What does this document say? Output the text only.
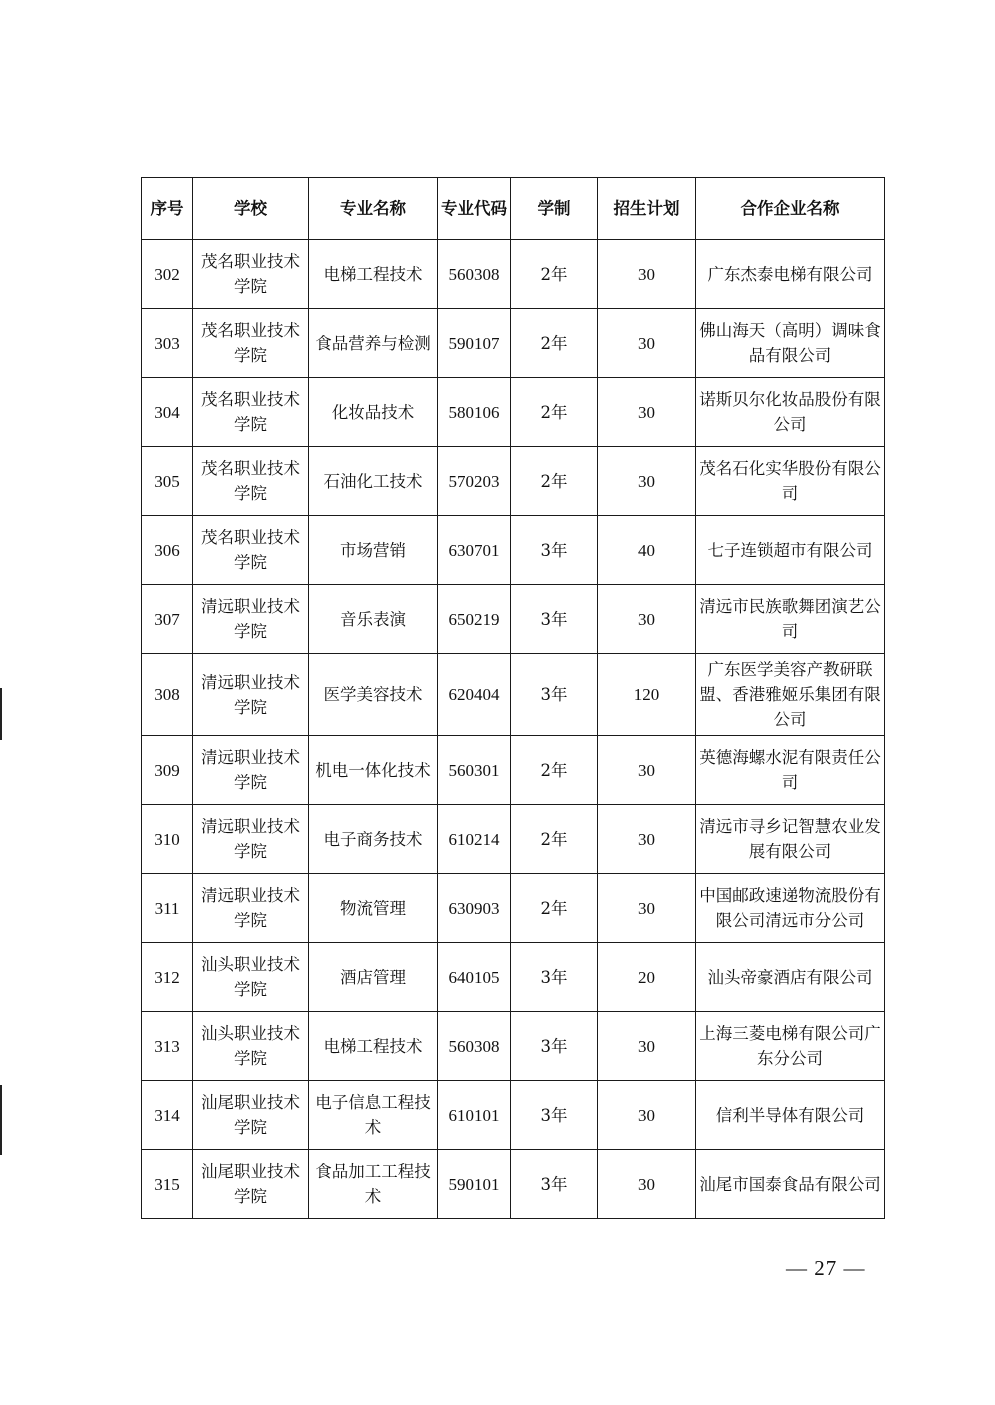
序号	学校	专业名称	专业代码	学制	招生计划	合作企业名称
302	茂名职业技术学院	电梯工程技术	560308	2年	30	广东杰泰电梯有限公司
303	茂名职业技术学院	食品营养与检测	590107	2年	30	佛山海天（高明）调味食品有限公司
304	茂名职业技术学院	化妆品技术	580106	2年	30	诺斯贝尔化妆品股份有限公司
305	茂名职业技术学院	石油化工技术	570203	2年	30	茂名石化实华股份有限公司
306	茂名职业技术学院	市场营销	630701	3年	40	七子连锁超市有限公司
307	清远职业技术学院	音乐表演	650219	3年	30	清远市民族歌舞团演艺公司
308	清远职业技术学院	医学美容技术	620404	3年	120	广东医学美容产教研联盟、香港雅姬乐集团有限公司
309	清远职业技术学院	机电一体化技术	560301	2年	30	英德海螺水泥有限责任公司
310	清远职业技术学院	电子商务技术	610214	2年	30	清远市寻乡记智慧农业发展有限公司
311	清远职业技术学院	物流管理	630903	2年	30	中国邮政速递物流股份有限公司清远市分公司
312	汕头职业技术学院	酒店管理	640105	3年	20	汕头帝豪酒店有限公司
313	汕头职业技术学院	电梯工程技术	560308	3年	30	上海三菱电梯有限公司广东分公司
314	汕尾职业技术学院	电子信息工程技术	610101	3年	30	信利半导体有限公司
315	汕尾职业技术学院	食品加工工程技术	590101	3年	30	汕尾市国泰食品有限公司
— 27 —
